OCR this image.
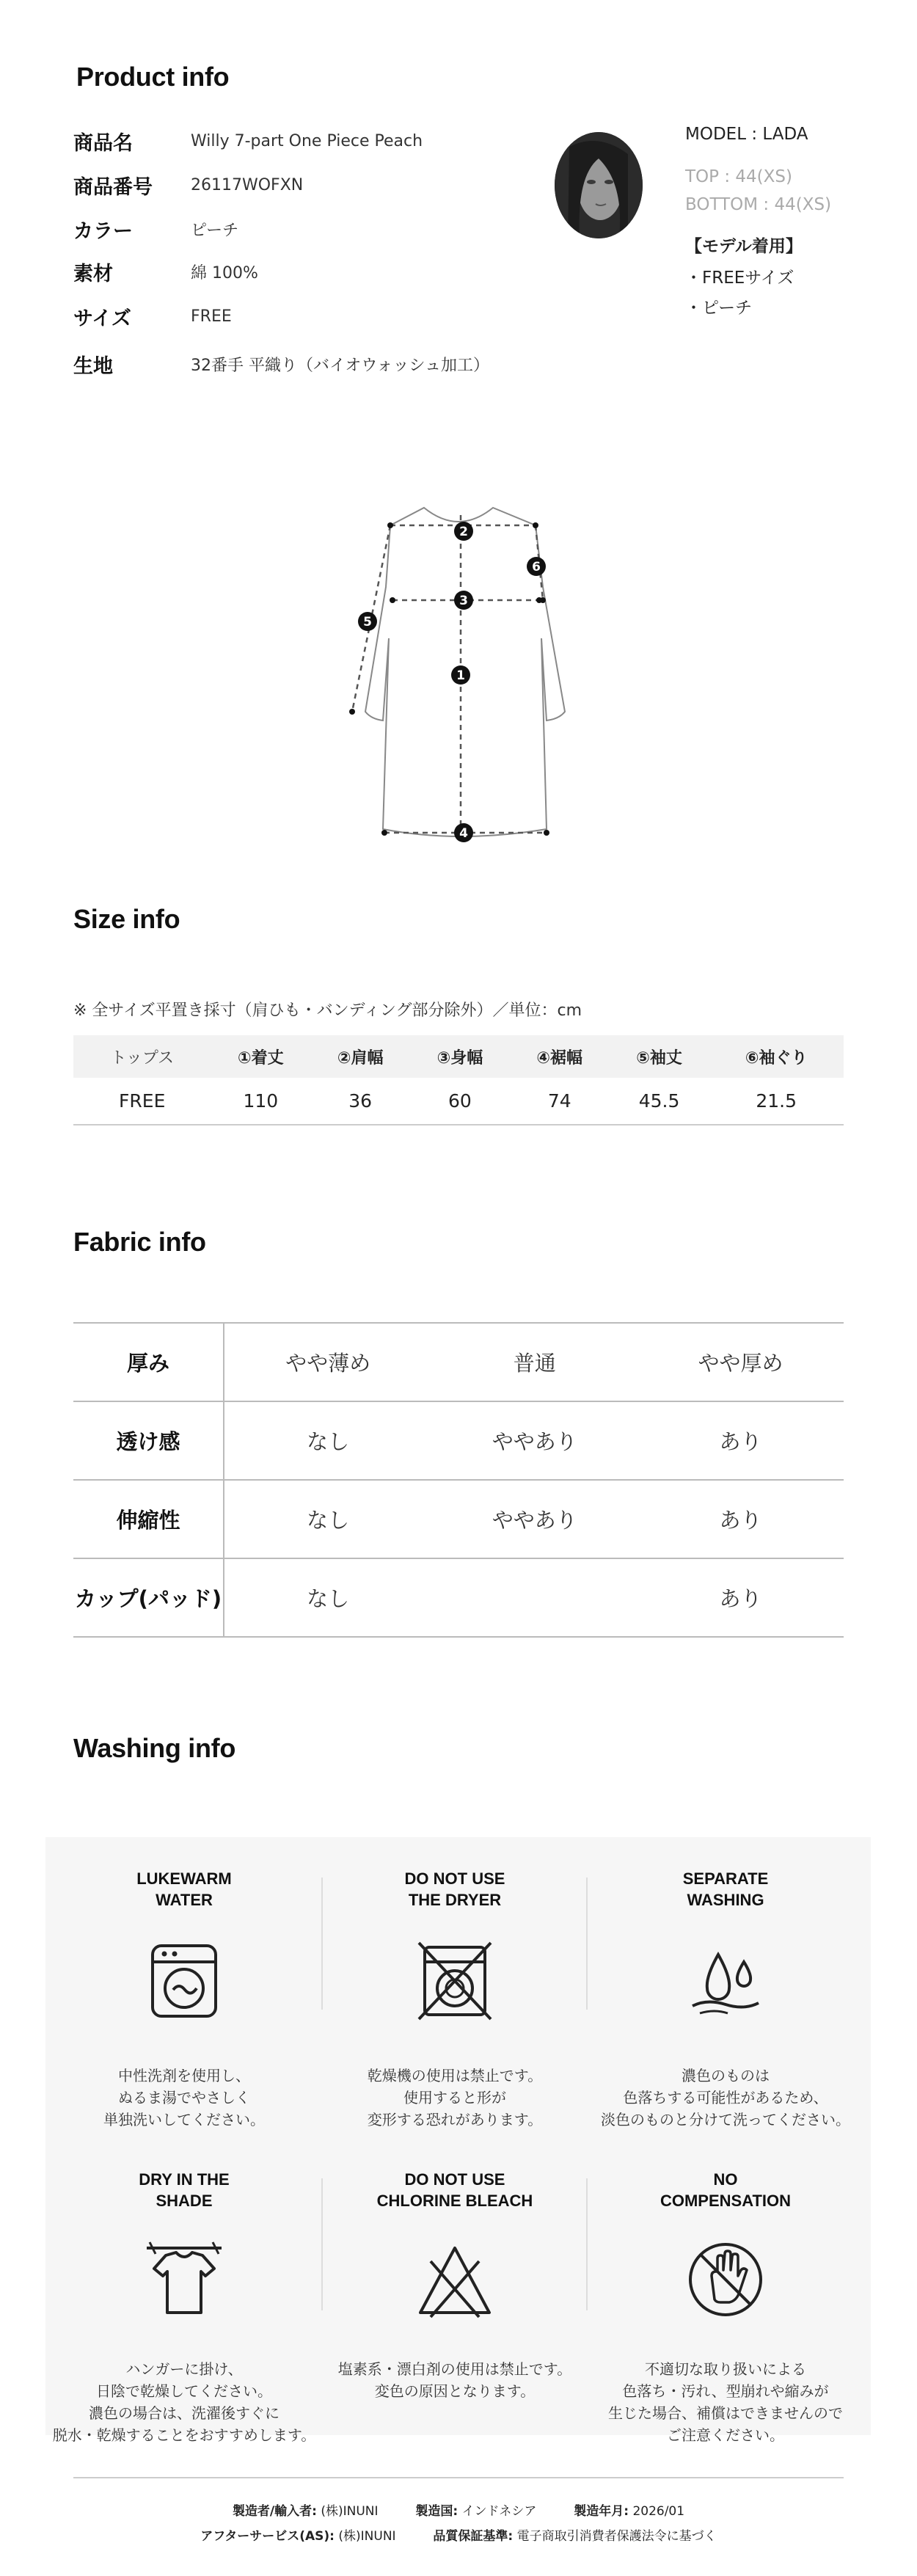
Product info
商品名	Willy 7-part One Piece Peach
商品番号	26117WOFXN
カラー	ピーチ
素材	綿 100%
サイズ	FREE
生地	32番手 平織り（バイオウォッシュ加工）
MODEL : LADA
TOP : 44(XS)
BOTTOM : 44(XS)
【モデル着用】
・FREEサイズ
・ピーチ
1
2
3
4
5
6
Size info
※ 全サイズ平置き採寸（肩ひも・バンディング部分除外）／単位：cm
トップス	①着丈	②肩幅	③身幅	④裾幅	⑤袖丈	⑥袖ぐり
FREE	110	36	60	74	45.5	21.5
Fabric info
厚み	やや薄め	普通	やや厚め
透け感	なし	ややあり	あり
伸縮性	なし	ややあり	あり
カップ(パッド)	なし		あり
Washing info
LUKEWARM
WATER
中性洗剤を使用し、
ぬるま湯でやさしく
単独洗いしてください。
DO NOT USE
THE DRYER
乾燥機の使用は禁止です。
使用すると形が
変形する恐れがあります。
SEPARATE
WASHING
濃色のものは
色落ちする可能性があるため、
淡色のものと分けて洗ってください。
DRY IN THE
SHADE
ハンガーに掛け、
日陰で乾燥してください。
濃色の場合は、洗濯後すぐに
脱水・乾燥することをおすすめします。
DO NOT USE
CHLORINE BLEACH
塩素系・漂白剤の使用は禁止です。
変色の原因となります。
NO
COMPENSATION
不適切な取り扱いによる
色落ち・汚れ、型崩れや縮みが
生じた場合、補償はできませんので
ご注意ください。
製造者/輸入者: (株)INUNI	製造国: インドネシア	製造年月: 2026/01
アフターサービス(AS): (株)INUNI	品質保証基準: 電子商取引消費者保護法令に基づく
